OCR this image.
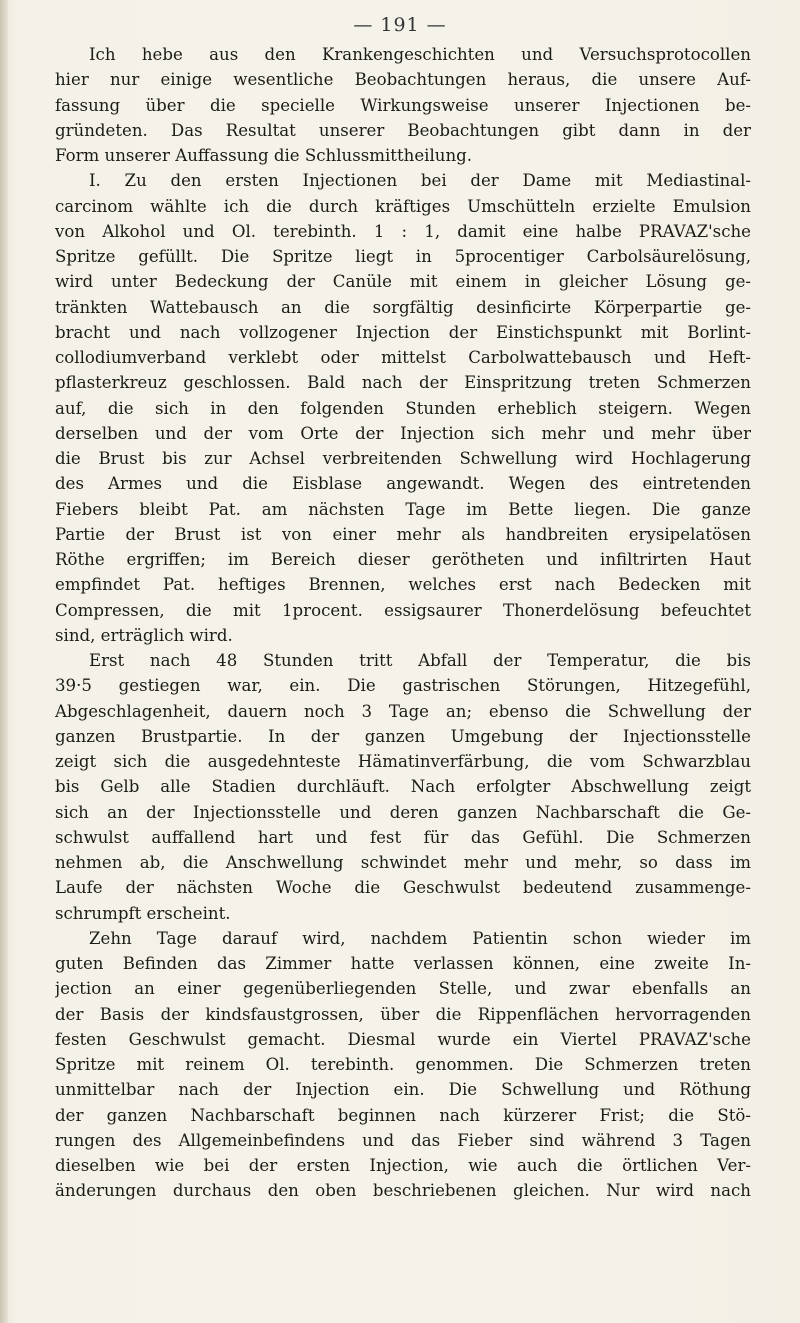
— 191 —
Ich hebe aus den Krankengeschichten und Versuchsprotocollen
hier nur einige wesentliche Beobachtungen heraus, die unsere Auf-
fassung über die specielle Wirkungsweise unserer Injectionen be-
gründeten. Das Resultat unserer Beobachtungen gibt dann in der
Form unserer Auffassung die Schlussmittheilung.
I. Zu den ersten Injectionen bei der Dame mit Mediastinal-
carcinom wählte ich die durch kräftiges Umschütteln erzielte Emulsion
von Alkohol und Ol. terebinth. 1 : 1, damit eine halbe PRAVAZ'sche
Spritze gefüllt. Die Spritze liegt in 5procentiger Carbolsäurelösung,
wird unter Bedeckung der Canüle mit einem in gleicher Lösung ge-
tränkten Wattebausch an die sorgfältig desinficirte Körperpartie ge-
bracht und nach vollzogener Injection der Einstichspunkt mit Borlint-
collodiumverband verklebt oder mittelst Carbolwattebausch und Heft-
pflasterkreuz geschlossen. Bald nach der Einspritzung treten Schmerzen
auf, die sich in den folgenden Stunden erheblich steigern. Wegen
derselben und der vom Orte der Injection sich mehr und mehr über
die Brust bis zur Achsel verbreitenden Schwellung wird Hochlagerung
des Armes und die Eisblase angewandt. Wegen des eintretenden
Fiebers bleibt Pat. am nächsten Tage im Bette liegen. Die ganze
Partie der Brust ist von einer mehr als handbreiten erysipelatösen
Röthe ergriffen; im Bereich dieser gerötheten und infiltrirten Haut
empfindet Pat. heftiges Brennen, welches erst nach Bedecken mit
Compressen, die mit 1procent. essigsaurer Thonerdelösung befeuchtet
sind, erträglich wird.
Erst nach 48 Stunden tritt Abfall der Temperatur, die bis
39·5 gestiegen war, ein. Die gastrischen Störungen, Hitzegefühl,
Abgeschlagenheit, dauern noch 3 Tage an; ebenso die Schwellung der
ganzen Brustpartie. In der ganzen Umgebung der Injectionsstelle
zeigt sich die ausgedehnteste Hämatinverfärbung, die vom Schwarzblau
bis Gelb alle Stadien durchläuft. Nach erfolgter Abschwellung zeigt
sich an der Injectionsstelle und deren ganzen Nachbarschaft die Ge-
schwulst auffallend hart und fest für das Gefühl. Die Schmerzen
nehmen ab, die Anschwellung schwindet mehr und mehr, so dass im
Laufe der nächsten Woche die Geschwulst bedeutend zusammenge-
schrumpft erscheint.
Zehn Tage darauf wird, nachdem Patientin schon wieder im
guten Befinden das Zimmer hatte verlassen können, eine zweite In-
jection an einer gegenüberliegenden Stelle, und zwar ebenfalls an
der Basis der kindsfaustgrossen, über die Rippenflächen hervorragenden
festen Geschwulst gemacht. Diesmal wurde ein Viertel PRAVAZ'sche
Spritze mit reinem Ol. terebinth. genommen. Die Schmerzen treten
unmittelbar nach der Injection ein. Die Schwellung und Röthung
der ganzen Nachbarschaft beginnen nach kürzerer Frist; die Stö-
rungen des Allgemeinbefindens und das Fieber sind während 3 Tagen
dieselben wie bei der ersten Injection, wie auch die örtlichen Ver-
änderungen durchaus den oben beschriebenen gleichen. Nur wird nach
